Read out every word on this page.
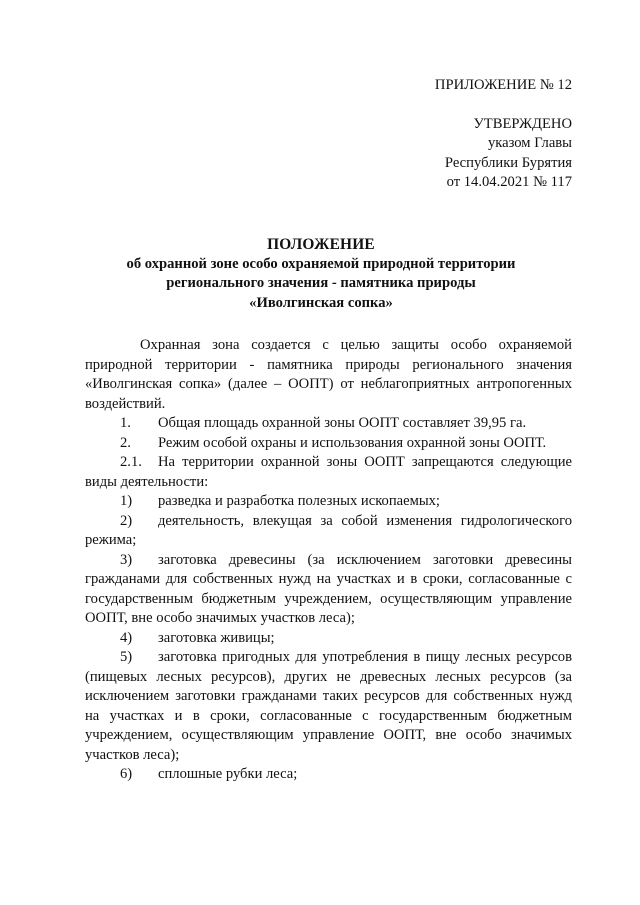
ПРИЛОЖЕНИЕ № 12
УТВЕРЖДЕНО
указом Главы
Республики Бурятия
от 14.04.2021 № 117
ПОЛОЖЕНИЕ
об охранной зоне особо охраняемой природной территории
регионального значения - памятника природы
«Иволгинская сопка»

Охранная зона создается с целью защиты особо охраняемой природной территории - памятника природы регионального значения «Иволгинская сопка» (далее – ООПТ) от неблагоприятных антропогенных воздействий.

1. Общая площадь охранной зоны ООПТ составляет 39,95 га.

2. Режим особой охраны и использования охранной зоны ООПТ.

2.1. На территории охранной зоны ООПТ запрещаются следующие виды деятельности:

1) разведка и разработка полезных ископаемых;

2) деятельность, влекущая за собой изменения гидрологического режима;

3) заготовка древесины (за исключением заготовки древесины гражданами для собственных нужд на участках и в сроки, согласованные с государственным бюджетным учреждением, осуществляющим управление ООПТ, вне особо значимых участков леса);

4) заготовка живицы;

5) заготовка пригодных для употребления в пищу лесных ресурсов (пищевых лесных ресурсов), других не древесных лесных ресурсов (за исключением заготовки гражданами таких ресурсов для собственных нужд на участках и в сроки, согласованные с государственным бюджетным учреждением, осуществляющим управление ООПТ, вне особо значимых участков леса);

6) сплошные рубки леса;
